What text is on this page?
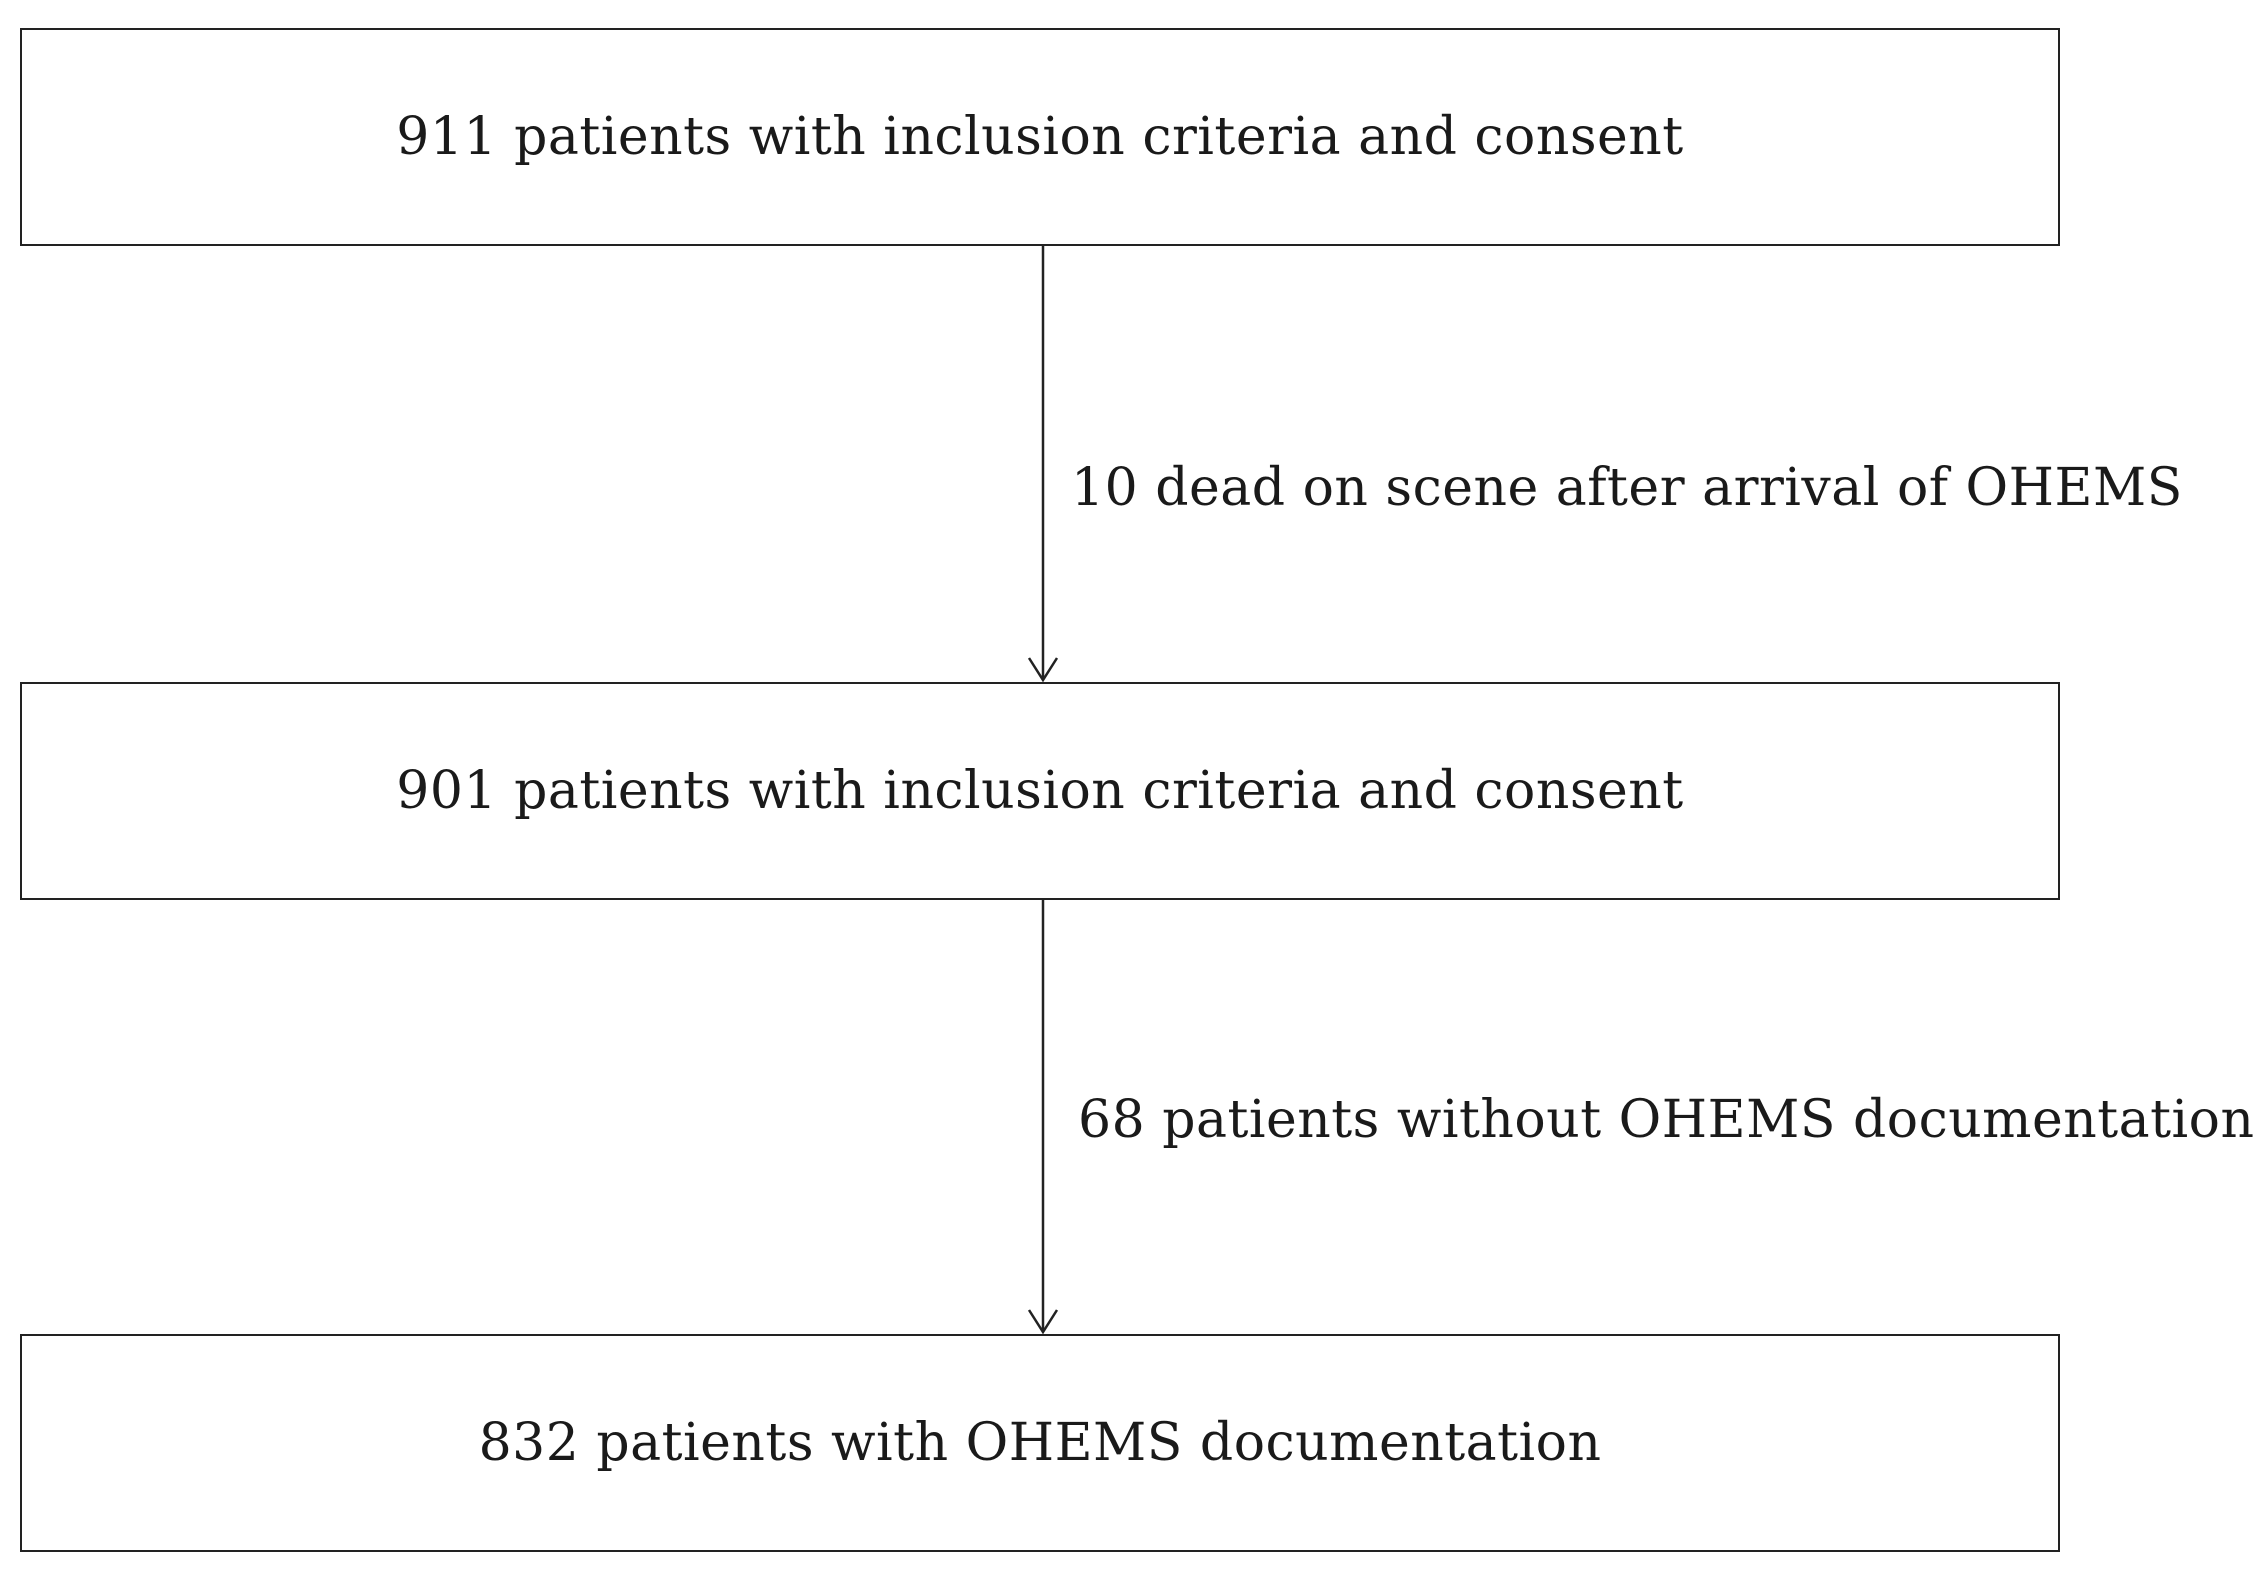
911 patients with inclusion criteria and consent
10 dead on scene after arrival of OHEMS
901 patients with inclusion criteria and consent
68 patients without OHEMS documentation
832 patients with OHEMS documentation
